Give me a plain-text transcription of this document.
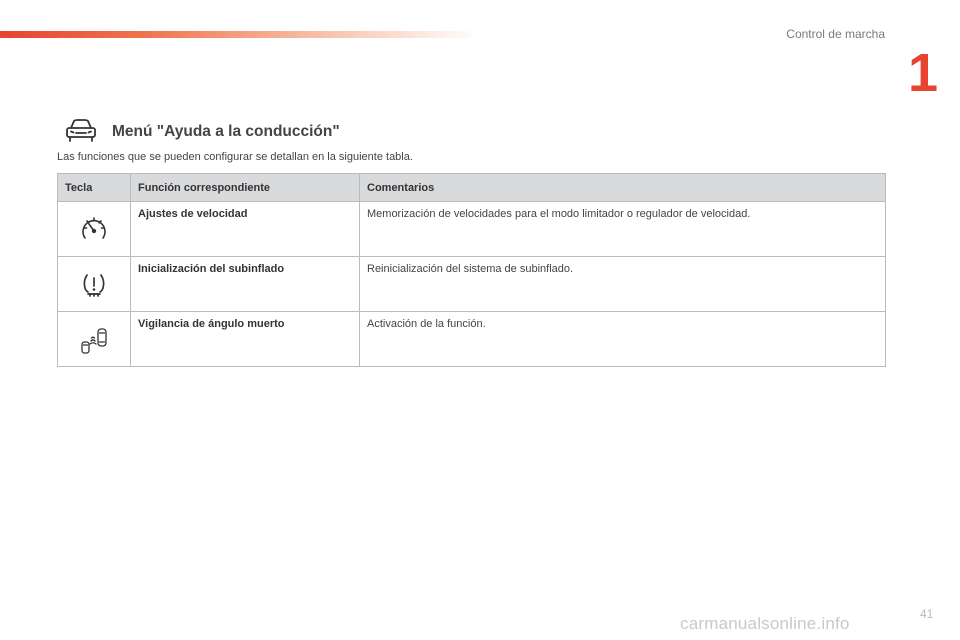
Control de marcha
1
Menú "Ayuda a la conducción"

Las funciones que se pueden configurar se detallan en la siguiente tabla.

Tecla	Función correspondiente	Comentarios

	Ajustes de velocidad	Memorización de velocidades para el modo limitador o regulador de velocidad.

	Inicialización del subinflado	Reinicialización del sistema de subinflado.

	Vigilancia de ángulo muerto	Activación de la función.
41
carmanualsonline.info
